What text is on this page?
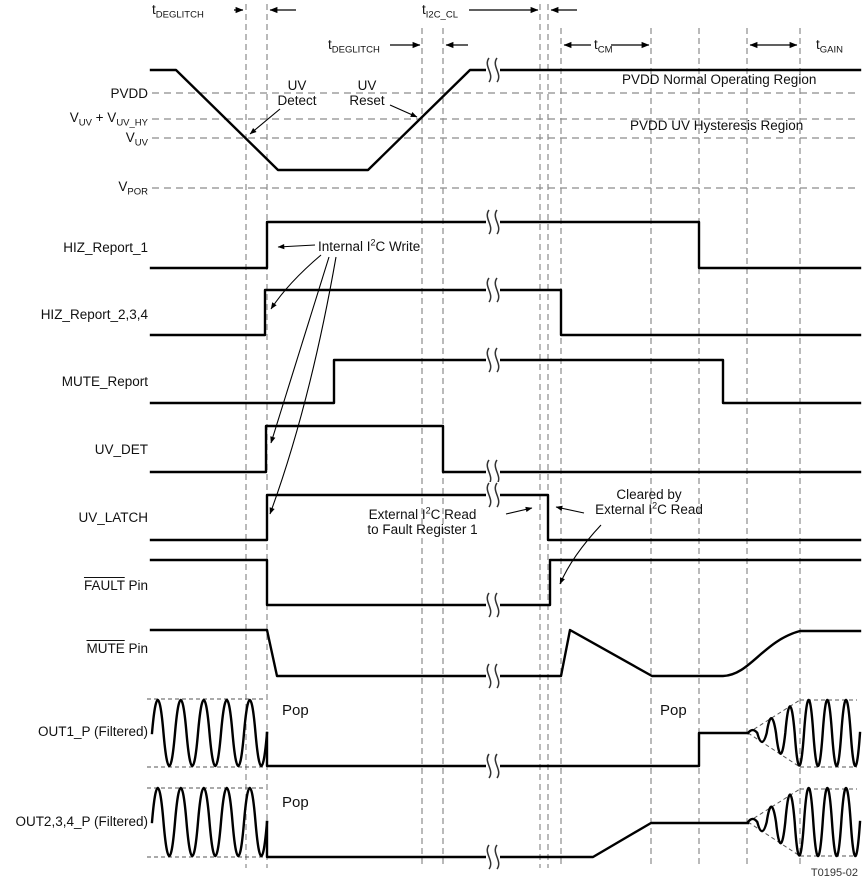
$t_{DEGLITCH}$	$t_{I2C\_CL}$
$t_{DEGLITCH}$	$t_{CM}$	$t_{GAIN}$
PVDD
$V_{UV} + V_{UV\_HY}$
$V_{UV}$
$V_{POR}$
PVDD Normal Operating Region
PVDD UV Hysteresis Region
UV
Detect
UV
Reset
HIZ_Report_1
HIZ_Report_2,3,4
MUTE_Report
UV_DET
UV_LATCH
FAULT Pin
MUTE Pin
OUT1_P (Filtered)
OUT2,3,4_P (Filtered)
Internal $I^2C$ Write
External $I^2C$ Read
to Fault Register 1
Cleared by
External $I^2C$ Read
Pop	Pop
Pop
T0195-02
